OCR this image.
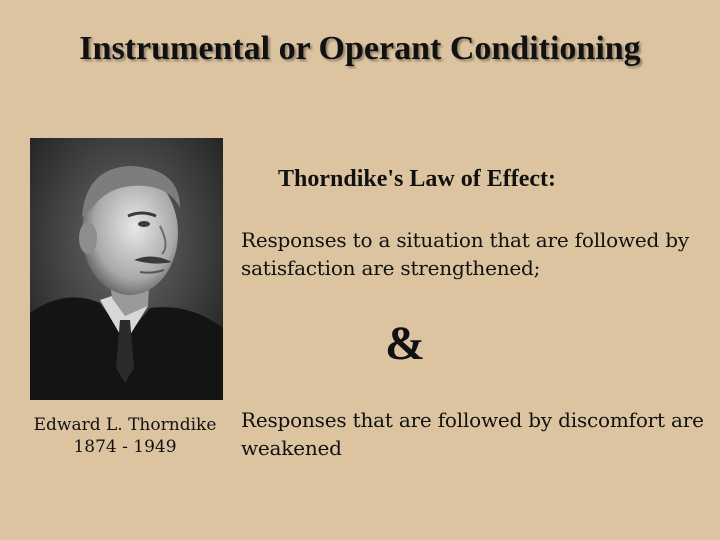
Instrumental or Operant Conditioning
Edward L. Thorndike
1874 - 1949
Thorndike's Law of Effect:
Responses to a situation that are followed by satisfaction are strengthened;
&
Responses that are followed by discomfort are weakened
